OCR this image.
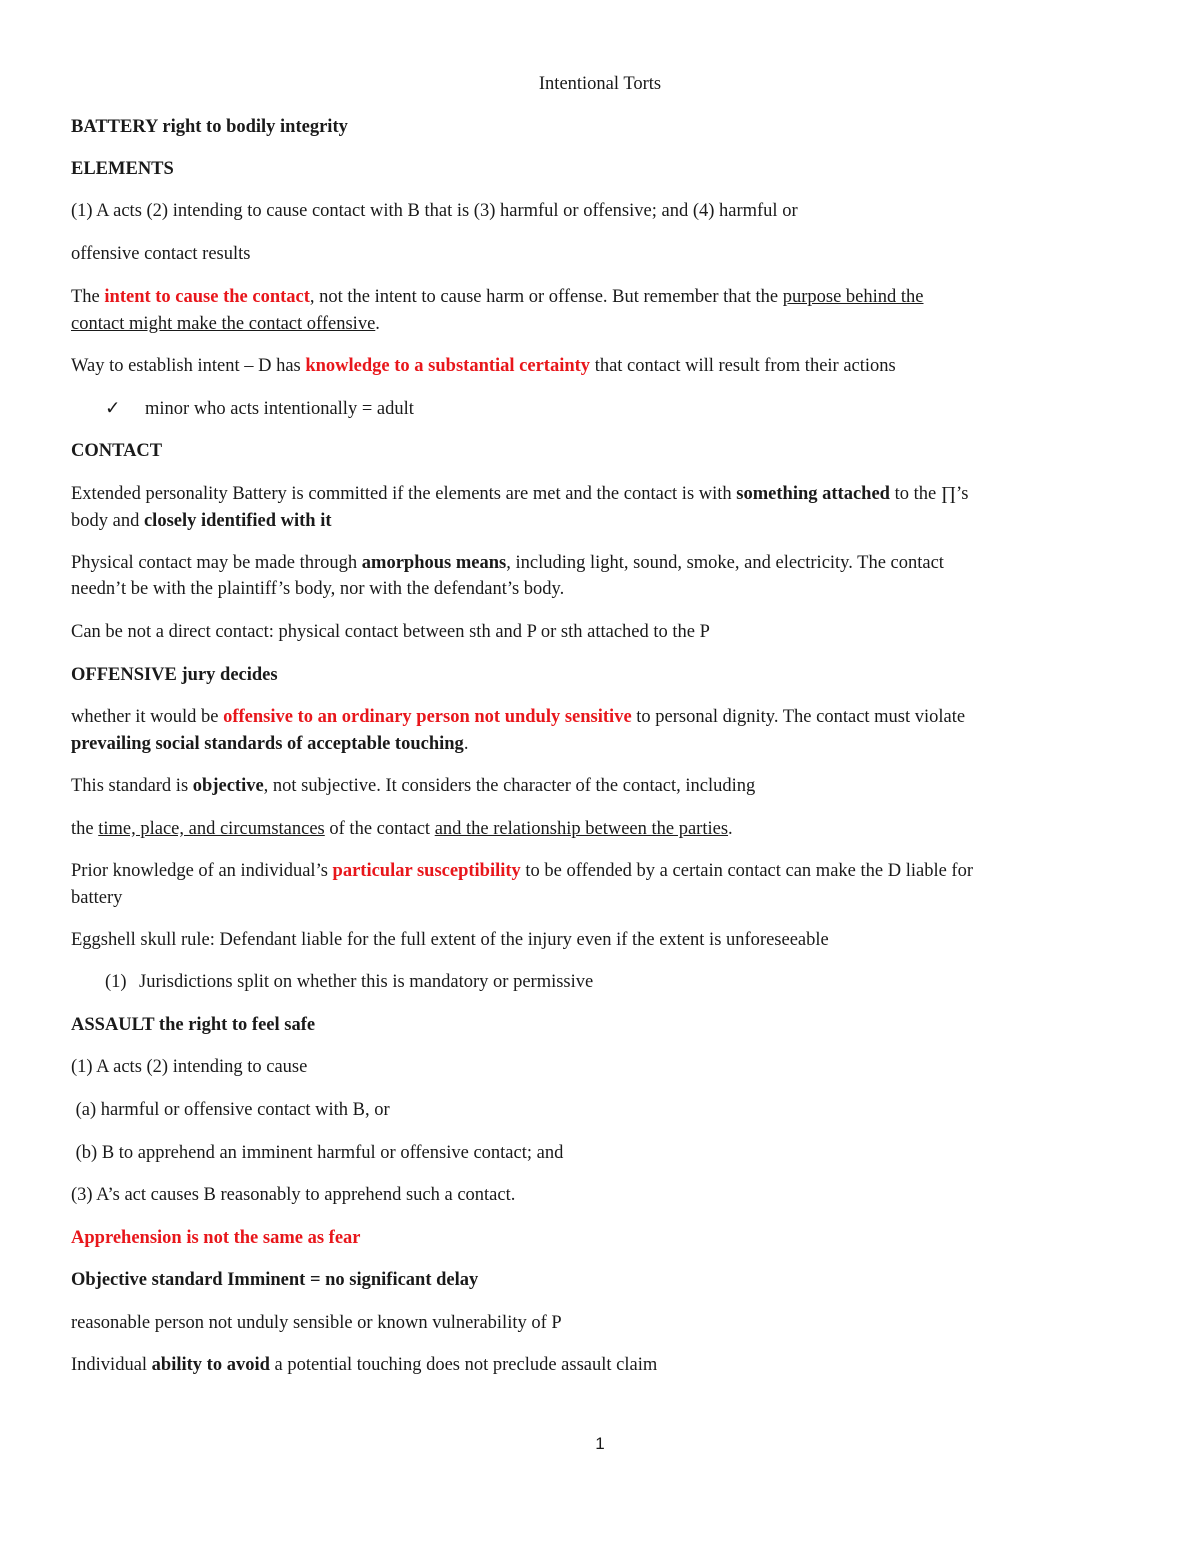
Intentional Torts
BATTERY right to bodily integrity
ELEMENTS
(1) A acts (2) intending to cause contact with B that is (3) harmful or offensive; and (4) harmful or
offensive contact results
The intent to cause the contact, not the intent to cause harm or offense. But remember that the purpose behind the
contact might make the contact offensive.
Way to establish intent – D has knowledge to a substantial certainty that contact will result from their actions
✓ minor who acts intentionally = adult
CONTACT
Extended personality Battery is committed if the elements are met and the contact is with something attached to the ∏’s
body and closely identified with it
Physical contact may be made through amorphous means, including light, sound, smoke, and electricity. The contact
needn’t be with the plaintiff’s body, nor with the defendant’s body.
Can be not a direct contact: physical contact between sth and P or sth attached to the P
OFFENSIVE jury decides
whether it would be offensive to an ordinary person not unduly sensitive to personal dignity. The contact must violate
prevailing social standards of acceptable touching.
This standard is objective, not subjective. It considers the character of the contact, including
the time, place, and circumstances of the contact and the relationship between the parties.
Prior knowledge of an individual’s particular susceptibility to be offended by a certain contact can make the D liable for
battery
Eggshell skull rule: Defendant liable for the full extent of the injury even if the extent is unforeseeable
(1) Jurisdictions split on whether this is mandatory or permissive
ASSAULT the right to feel safe
(1) A acts (2) intending to cause
(a) harmful or offensive contact with B, or
(b) B to apprehend an imminent harmful or offensive contact; and
(3) A’s act causes B reasonably to apprehend such a contact.
Apprehension is not the same as fear
Objective standard Imminent = no significant delay
reasonable person not unduly sensible or known vulnerability of P
Individual ability to avoid a potential touching does not preclude assault claim
1
